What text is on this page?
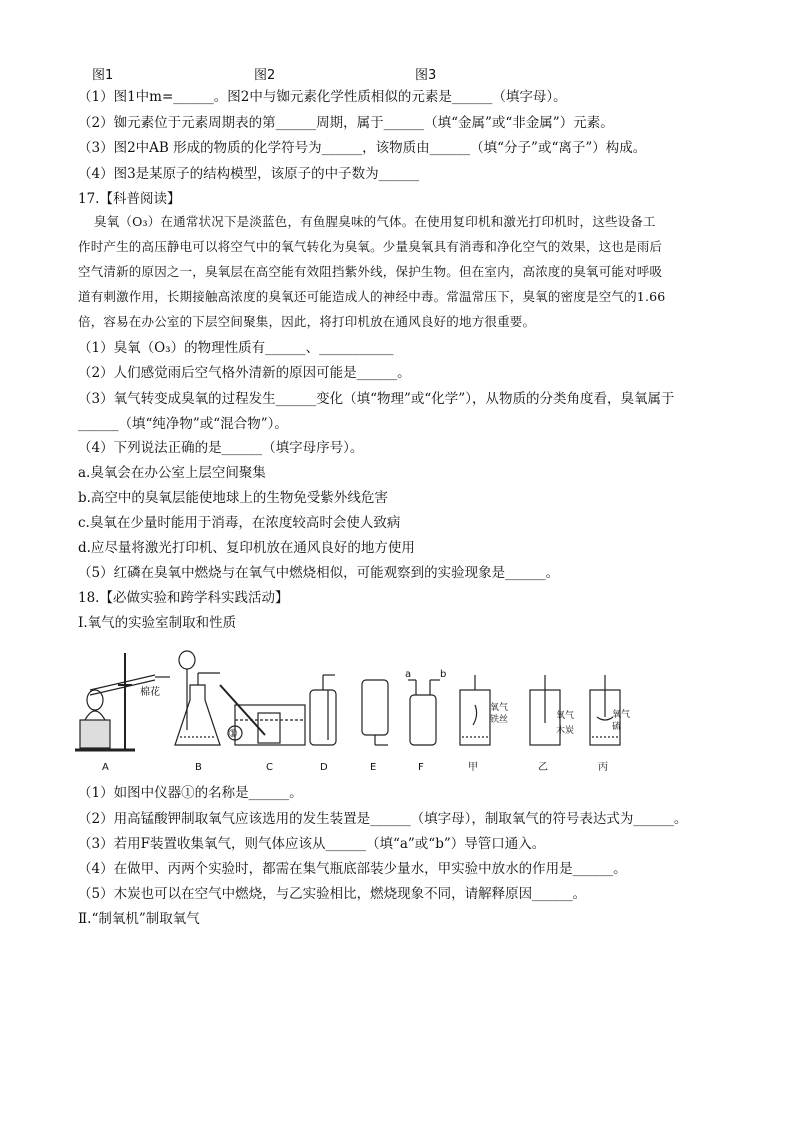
图1	图2	图3
（1）图1中m=______。图2中与铷元素化学性质相似的元素是______（填字母）。
（2）铷元素位于元素周期表的第______周期，属于______（填“金属”或“非金属”）元素。
（3）图2中AB 形成的物质的化学符号为______，该物质由______（填“分子”或“离子”）构成。
（4）图3是某原子的结构模型，该原子的中子数为______
17.【科普阅读】
臭氧（O₃）在通常状况下是淡蓝色，有鱼腥臭味的气体。在使用复印机和激光打印机时，这些设备工
作时产生的高压静电可以将空气中的氧气转化为臭氧。少量臭氧具有消毒和净化空气的效果，这也是雨后
空气清新的原因之一，臭氧层在高空能有效阻挡紫外线，保护生物。但在室内，高浓度的臭氧可能对呼吸
道有刺激作用，长期接触高浓度的臭氧还可能造成人的神经中毒。常温常压下，臭氧的密度是空气的1.66
倍，容易在办公室的下层空间聚集，因此，将打印机放在通风良好的地方很重要。
（1）臭氧（O₃）的物理性质有______、___________
（2）人们感觉雨后空气格外清新的原因可能是______。
（3）氧气转变成臭氧的过程发生______变化（填“物理”或“化学”），从物质的分类角度看，臭氧属于
______（填“纯净物”或“混合物”）。
（4）下列说法正确的是______（填字母序号）。
a.臭氧会在办公室上层空间聚集
b.高空中的臭氧层能使地球上的生物免受紫外线危害
c.臭氧在少量时能用于消毒，在浓度较高时会使人致病
d.应尽量将激光打印机、复印机放在通风良好的地方使用
（5）红磷在臭氧中燃烧与在氧气中燃烧相似，可能观察到的实验现象是______。
18.【必做实验和跨学科实践活动】
Ⅰ.氧气的实验室制取和性质
棉花
①
a	b
氧气
铁丝	氧气
木炭
氧气
硫
A	B	C	D	E	F	甲	乙	丙
（1）如图中仪器①的名称是______。
（2）用高锰酸钾制取氧气应该选用的发生装置是______（填字母），制取氧气的符号表达式为______。
（3）若用F装置收集氧气，则气体应该从______（填“a”或“b”）导管口通入。
（4）在做甲、丙两个实验时，都需在集气瓶底部装少量水，甲实验中放水的作用是______。
（5）木炭也可以在空气中燃烧，与乙实验相比，燃烧现象不同，请解释原因______。
Ⅱ.“制氧机”制取氧气
